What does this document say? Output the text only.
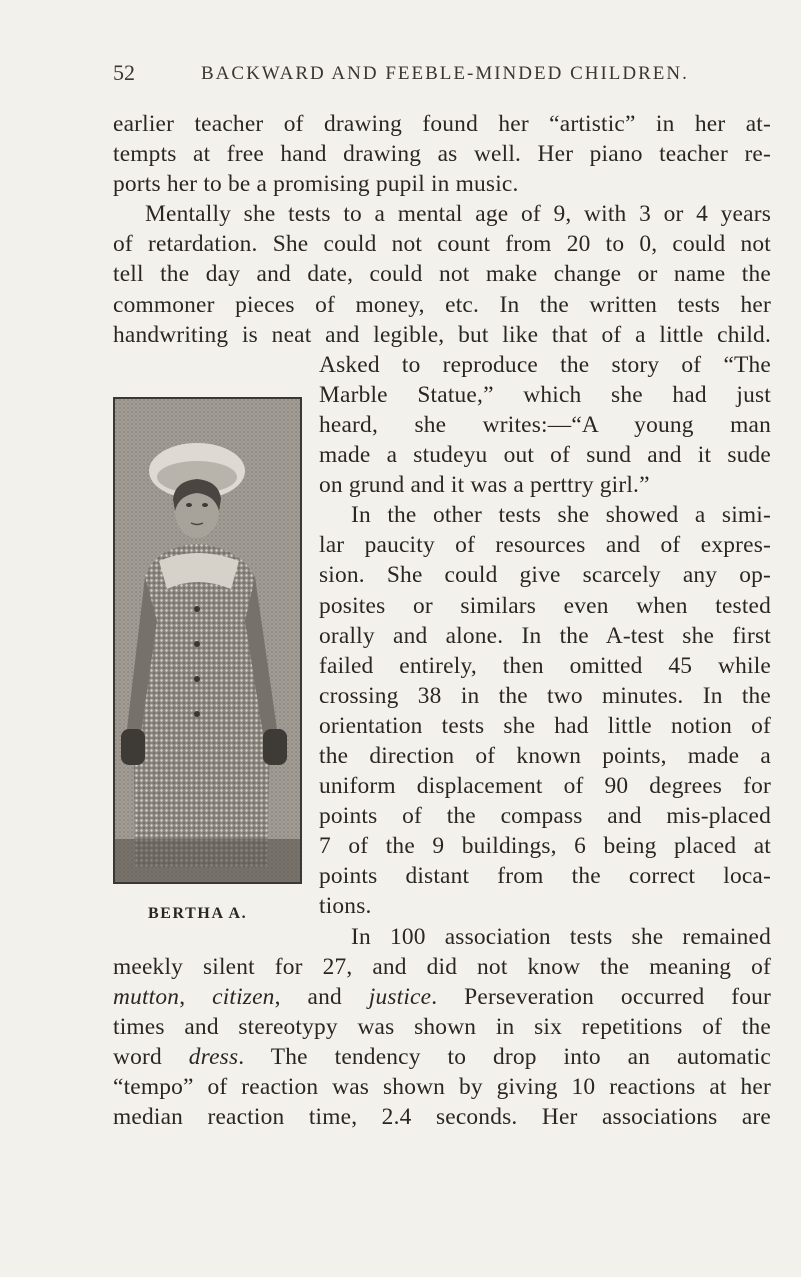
52	BACKWARD AND FEEBLE-MINDED CHILDREN.
BERTHA A.
earlier teacher of drawing found her “artistic” in her at-
tempts at free hand drawing as well. Her piano teacher re-
ports her to be a promising pupil in music.
Mentally she tests to a mental age of 9, with 3 or 4 years
of retardation. She could not count from 20 to 0, could not
tell the day and date, could not make change or name the
commoner pieces of money, etc. In the written tests her
handwriting is neat and legible, but like that of a little child.
Asked to reproduce the story of “The
Marble Statue,” which she had just
heard, she writes:—“A young man
made a studeyu out of sund and it sude
on grund and it was a perttry girl.”
In the other tests she showed a simi-
lar paucity of resources and of expres-
sion. She could give scarcely any op-
posites or similars even when tested
orally and alone. In the A-test she first
failed entirely, then omitted 45 while
crossing 38 in the two minutes. In the
orientation tests she had little notion of
the direction of known points, made a
uniform displacement of 90 degrees for
points of the compass and mis-placed
7 of the 9 buildings, 6 being placed at
points distant from the correct loca-
tions.
In 100 association tests she remained
meekly silent for 27, and did not know the meaning of
mutton, citizen, and justice. Perseveration occurred four
times and stereotypy was shown in six repetitions of the
word dress. The tendency to drop into an automatic
“tempo” of reaction was shown by giving 10 reactions at her
median reaction time, 2.4 seconds. Her associations are
